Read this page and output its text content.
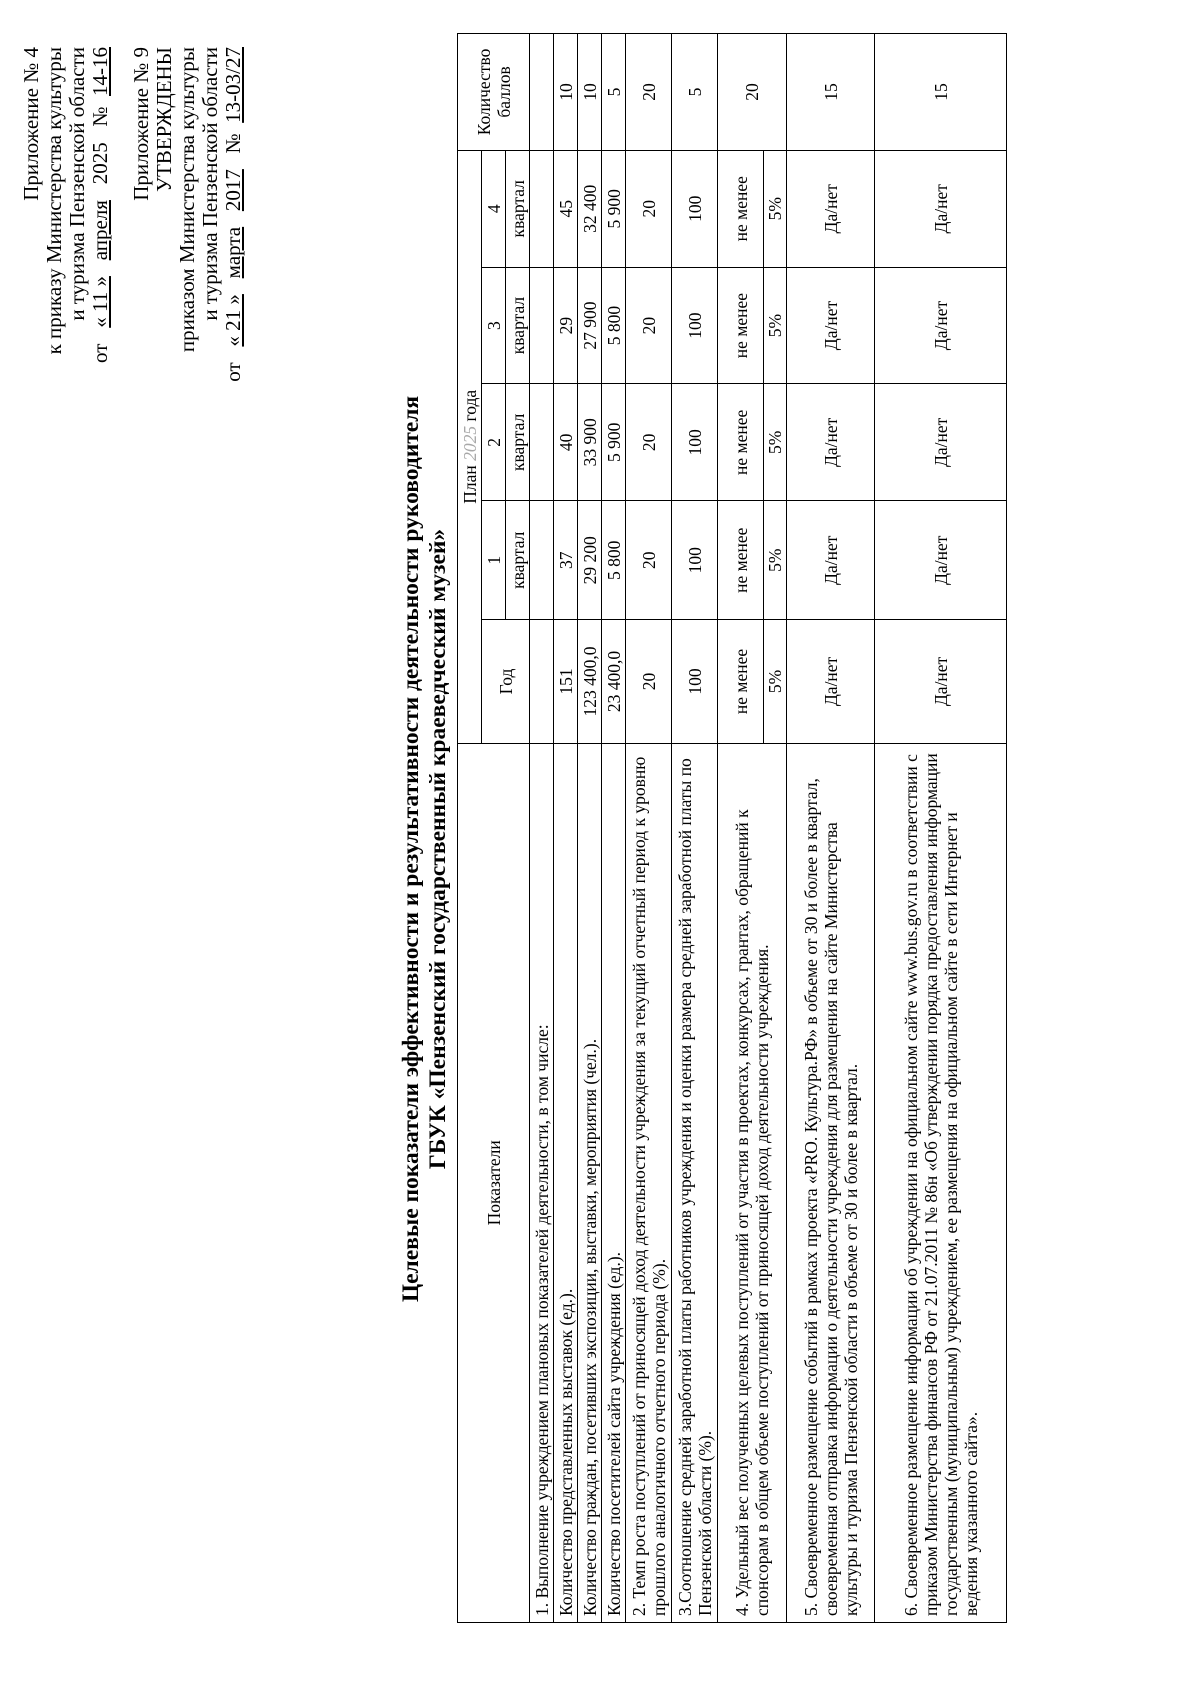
Приложение № 4 к приказу Министерства культуры и туризма Пензенской области
от   « 11 »   апреля   2025   №  14-16 Приложение № 9 УТВЕРЖДЕНЫ приказом Министерства культуры и туризма Пензенской области
от   « 21 »   марта   2017   №  13-03/27
Целевые показатели эффективности и результативности деятельности руководителя ГБУК «Пензенский государственный краеведческий музей»
Показатели	План 2025 года					Количество баллов
	Год	1	2	3	4	
		квартал	квартал	квартал	квартал	
1. Выполнение учреждением плановых показателей деятельности, в том числе:						
Количество представленных выставок (ед.).	151	37	40	29	45	10
Количество граждан, посетивших экспозиции, выставки, мероприятия (чел.).	123 400,0	29 200	33 900	27 900	32 400	10
Количество посетителей сайта учреждения (ед.).	23 400,0	5 800	5 900	5 800	5 900	5
2. Темп роста поступлений от приносящей доход деятельности учреждения за текущий отчетный период к уровню прошлого аналогичного отчетного периода (%).	20	20	20	20	20	20
3.Соотношение средней заработной платы работников учреждения и оценки размера средней заработной платы по Пензенской области (%).	100	100	100	100	100	5
4. Удельный вес полученных целевых поступлений от участия в проектах, конкурсах, грантах, обращений к спонсорам в общем объеме поступлений от приносящей доход деятельности учреждения.	не менее	не менее	не менее	не менее	не менее	20
	5%	5%	5%	5%	5%	
5. Своевременное размещение событий в рамках проекта «PRO. Культура.РФ» в объеме от 30 и более в квартал, своевременная отправка информации о деятельности учреждения для размещения на сайте Министерства культуры и туризма Пензенской области в объеме от 30 и более в квартал.	Да/нет	Да/нет	Да/нет	Да/нет	Да/нет	15
6. Своевременное размещение информации об учреждении на официальном сайте www.bus.gov.ru в соответствии с приказом Министерства финансов РФ от 21.07.2011 № 86н «Об утверждении порядка предоставления информации государственным (муниципальным) учреждением, ее размещения на официальном сайте в сети Интернет и ведения указанного сайта».	Да/нет	Да/нет	Да/нет	Да/нет	Да/нет	15
